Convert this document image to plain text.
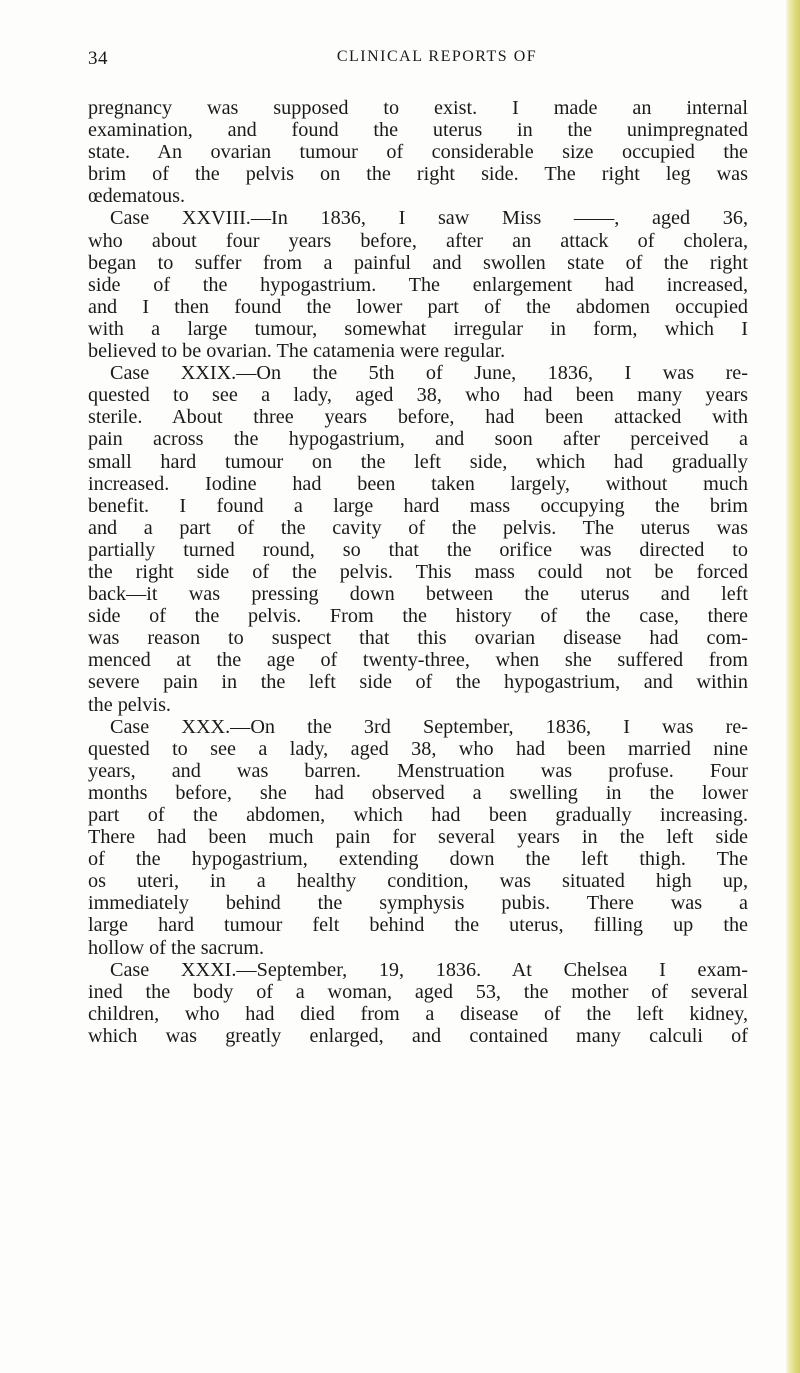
34	CLINICAL REPORTS OF
pregnancy was supposed to exist. I made an internal
examination, and found the uterus in the unimpregnated
state. An ovarian tumour of considerable size occupied the
brim of the pelvis on the right side. The right leg was
œdematous.
Case XXVIII.—In 1836, I saw Miss ——, aged 36,
who about four years before, after an attack of cholera,
began to suffer from a painful and swollen state of the right
side of the hypogastrium. The enlargement had increased,
and I then found the lower part of the abdomen occupied
with a large tumour, somewhat irregular in form, which I
believed to be ovarian. The catamenia were regular.
Case XXIX.—On the 5th of June, 1836, I was re-
quested to see a lady, aged 38, who had been many years
sterile. About three years before, had been attacked with
pain across the hypogastrium, and soon after perceived a
small hard tumour on the left side, which had gradually
increased. Iodine had been taken largely, without much
benefit. I found a large hard mass occupying the brim
and a part of the cavity of the pelvis. The uterus was
partially turned round, so that the orifice was directed to
the right side of the pelvis. This mass could not be forced
back—it was pressing down between the uterus and left
side of the pelvis. From the history of the case, there
was reason to suspect that this ovarian disease had com-
menced at the age of twenty-three, when she suffered from
severe pain in the left side of the hypogastrium, and within
the pelvis.
Case XXX.—On the 3rd September, 1836, I was re-
quested to see a lady, aged 38, who had been married nine
years, and was barren. Menstruation was profuse. Four
months before, she had observed a swelling in the lower
part of the abdomen, which had been gradually increasing.
There had been much pain for several years in the left side
of the hypogastrium, extending down the left thigh. The
os uteri, in a healthy condition, was situated high up,
immediately behind the symphysis pubis. There was a
large hard tumour felt behind the uterus, filling up the
hollow of the sacrum.
Case XXXI.—September, 19, 1836. At Chelsea I exam-
ined the body of a woman, aged 53, the mother of several
children, who had died from a disease of the left kidney,
which was greatly enlarged, and contained many calculi of
